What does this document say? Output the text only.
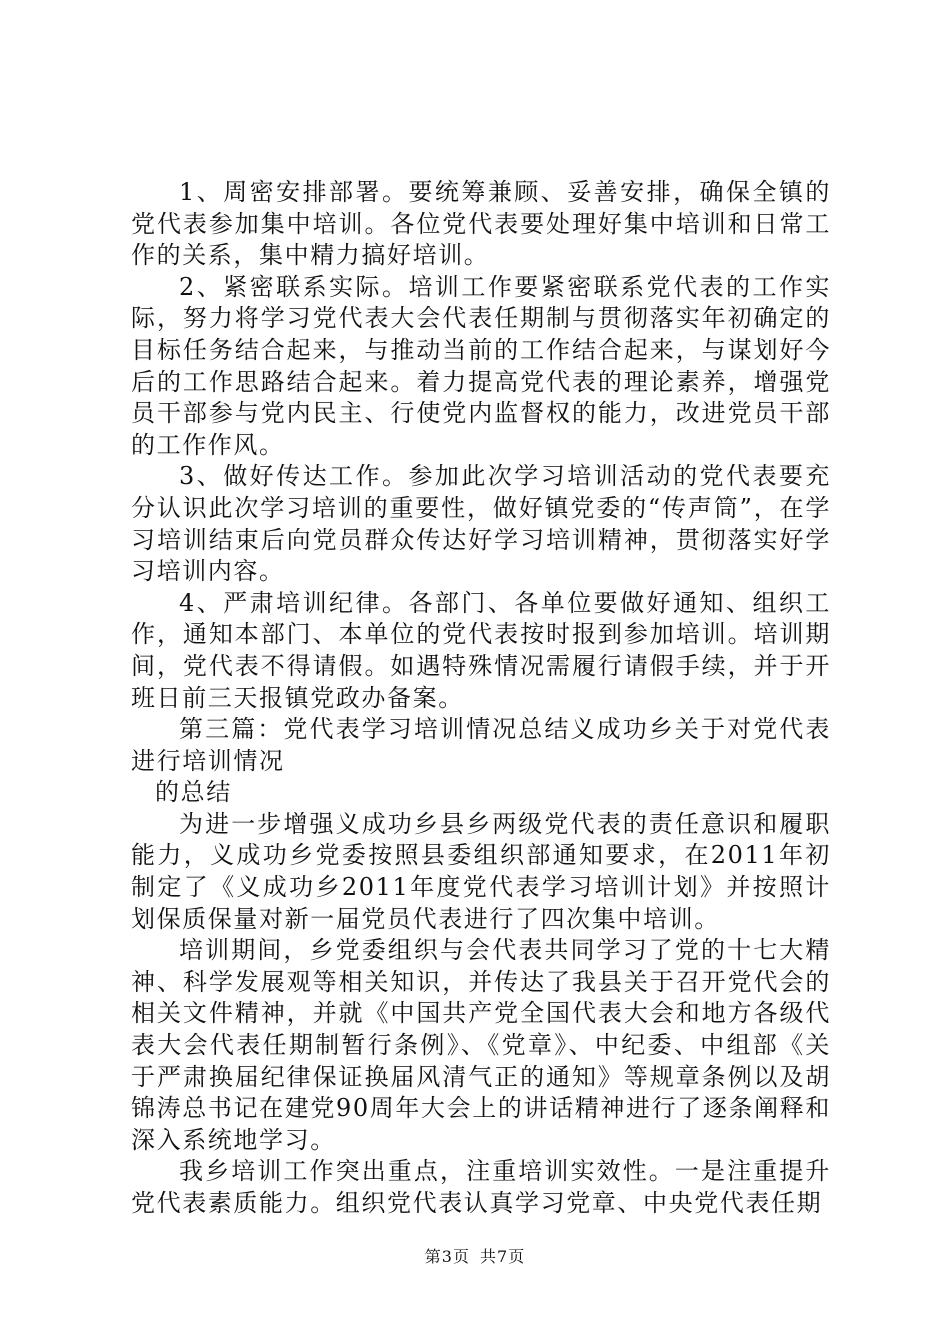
1、周密安排部署。要统筹兼顾、妥善安排，确保全镇的党代表参加集中培训。各位党代表要处理好集中培训和日常工作的关系，集中精力搞好培训。

2、紧密联系实际。培训工作要紧密联系党代表的工作实际，努力将学习党代表大会代表任期制与贯彻落实年初确定的目标任务结合起来，与推动当前的工作结合起来，与谋划好今后的工作思路结合起来。着力提高党代表的理论素养，增强党员干部参与党内民主、行使党内监督权的能力，改进党员干部的工作作风。

3、做好传达工作。参加此次学习培训活动的党代表要充分认识此次学习培训的重要性，做好镇党委的“传声筒”，在学习培训结束后向党员群众传达好学习培训精神，贯彻落实好学习培训内容。

4、严肃培训纪律。各部门、各单位要做好通知、组织工作，通知本部门、本单位的党代表按时报到参加培训。培训期间，党代表不得请假。如遇特殊情况需履行请假手续，并于开班日前三天报镇党政办备案。

第三篇：党代表学习培训情况总结义成功乡关于对党代表进行培训情况

的总结

为进一步增强义成功乡县乡两级党代表的责任意识和履职能力，义成功乡党委按照县委组织部通知要求，在2011年初制定了《义成功乡2011年度党代表学习培训计划》并按照计划保质保量对新一届党员代表进行了四次集中培训。

培训期间，乡党委组织与会代表共同学习了党的十七大精神、科学发展观等相关知识，并传达了我县关于召开党代会的相关文件精神，并就《中国共产党全国代表大会和地方各级代表大会代表任期制暂行条例》、《党章》、中纪委、中组部《关于严肃换届纪律保证换届风清气正的通知》等规章条例以及胡锦涛总书记在建党90周年大会上的讲话精神进行了逐条阐释和深入系统地学习。

我乡培训工作突出重点，注重培训实效性。一是注重提升党代表素质能力。组织党代表认真学习党章、中央党代表任期

第3页 共7页
